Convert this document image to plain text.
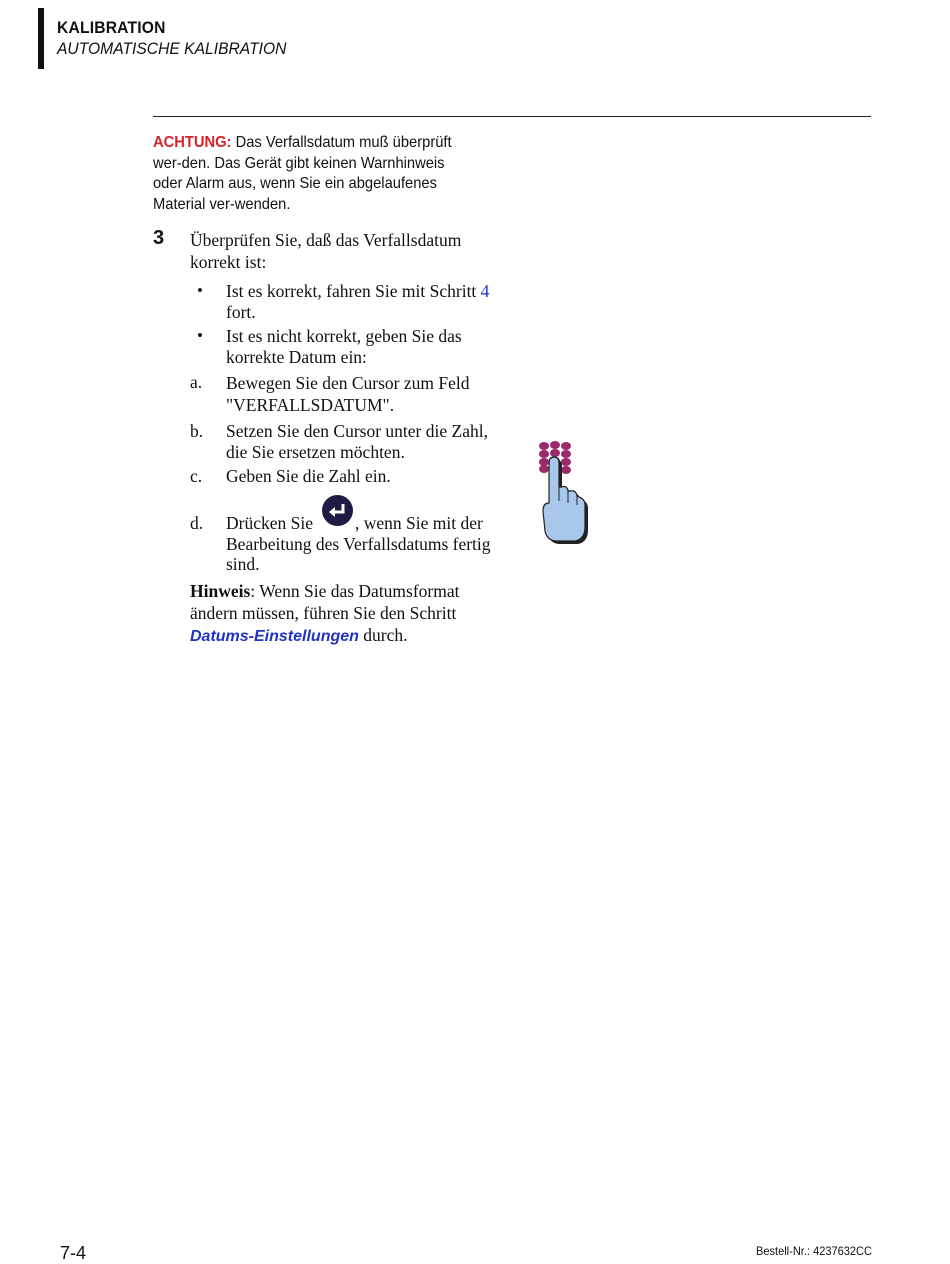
KALIBRATION
AUTOMATISCHE KALIBRATION
ACHTUNG: Das Verfallsdatum muß überprüft wer-den. Das Gerät gibt keinen Warnhinweis oder Alarm aus, wenn Sie ein abgelaufenes Material ver-wenden.
3 Überprüfen Sie, daß das Verfallsdatum korrekt ist:
• Ist es korrekt, fahren Sie mit Schritt 4 fort.
• Ist es nicht korrekt, geben Sie das korrekte Datum ein:
a. Bewegen Sie den Cursor zum Feld "VERFALLSDATUM".
b. Setzen Sie den Cursor unter die Zahl, die Sie ersetzen möchten.
c. Geben Sie die Zahl ein.
d. Drücken Sie	, wenn Sie mit der Bearbeitung des Verfallsdatums fertig sind.
Hinweis: Wenn Sie das Datumsformat ändern müssen, führen Sie den Schritt Datums-Einstellungen durch.
7-4	Bestell-Nr.: 4237632CC
